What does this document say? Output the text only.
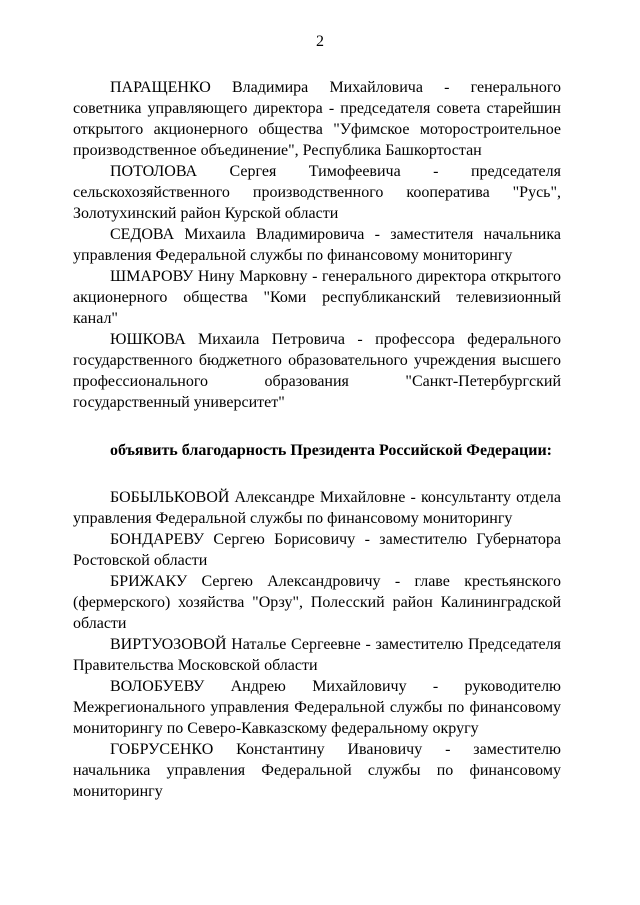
2

ПАРАЩЕНКО Владимира Михайловича - генерального советника управляющего директора - председателя совета старейшин открытого акционерного общества "Уфимское моторостроительное производственное объединение", Республика Башкортостан

ПОТОЛОВА Сергея Тимофеевича - председателя сельскохозяйственного производственного кооператива "Русь", Золотухинский район Курской области

СЕДОВА Михаила Владимировича - заместителя начальника управления Федеральной службы по финансовому мониторингу

ШМАРОВУ Нину Марковну - генерального директора открытого акционерного общества "Коми республиканский телевизионный канал"

ЮШКОВА Михаила Петровича - профессора федерального государственного бюджетного образовательного учреждения высшего профессионального образования "Санкт-Петербургский государственный университет"

объявить благодарность Президента Российской Федерации:

БОБЫЛЬКОВОЙ Александре Михайловне - консультанту отдела управления Федеральной службы по финансовому мониторингу

БОНДАРЕВУ Сергею Борисовичу - заместителю Губернатора Ростовской области

БРИЖАКУ Сергею Александровичу - главе крестьянского (фермерского) хозяйства "Орзу", Полесский район Калининградской области

ВИРТУОЗОВОЙ Наталье Сергеевне - заместителю Председателя Правительства Московской области

ВОЛОБУЕВУ Андрею Михайловичу - руководителю Межрегионального управления Федеральной службы по финансовому мониторингу по Северо-Кавказскому федеральному округу

ГОБРУСЕНКО Константину Ивановичу - заместителю начальника управления Федеральной службы по финансовому мониторингу
